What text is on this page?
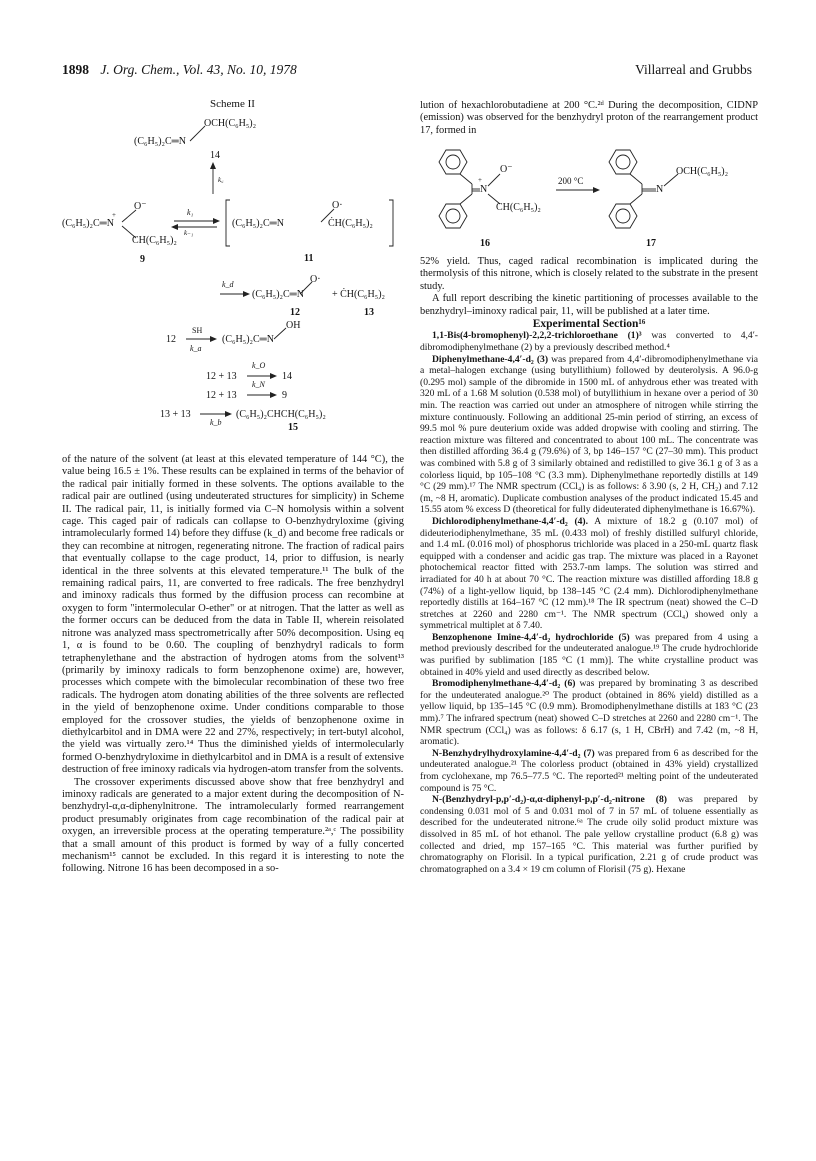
1898 J. Org. Chem., Vol. 43, No. 10, 1978	Villarreal and Grubbs
Scheme II
OCH(C₆H₅)₂
(C₆H₅)₂C═N
14
k꜀
O⁻
+
(C₆H₅)₂C═N
CH(C₆H₅)₂
9
k₁
k₋₁
(C₆H₅)₂C═N
O·
ĊH(C₆H₅)₂
11
k_d
(C₆H₅)₂C═N
O·
12
+ ĊH(C₆H₅)₂
13
12
SH
k_a
(C₆H₅)₂C═N
OH
12 + 13
k_O
14
12 + 13
k_N
9
13 + 13
k_b
(C₆H₅)₂CHCH(C₆H₅)₂
15

of the nature of the solvent (at least at this elevated temperature of 144 °C), the value being 16.5 ± 1%. These results can be explained in terms of the behavior of the radical pair initially formed in these solvents. The options available to the radical pair are outlined (using undeuterated structures for simplicity) in Scheme II. The radical pair, 11, is initially formed via C–N homolysis within a solvent cage. This caged pair of radicals can collapse to O-benzhydryloxime (giving intramolecularly formed 14) before they diffuse (k_d) and become free radicals or they can recombine at nitrogen, regenerating nitrone. The fraction of radical pairs that eventually collapse to the cage product, 14, prior to diffusion, is nearly identical in the three solvents at this elevated temperature.¹¹ The bulk of the remaining radical pairs, 11, are converted to free radicals. The free benzhydryl and iminoxy radicals thus formed by the diffusion process can recombine at oxygen to form "intermolecular O-ether" or at nitrogen. That the latter as well as the former occurs can be deduced from the data in Table II, wherein reisolated nitrone was analyzed mass spectrometrically after 50% decomposition. Using eq 1, α is found to be 0.60. The coupling of benzhydryl radicals to form tetraphenylethane and the abstraction of hydrogen atoms from the solvent¹³ (primarily by iminoxy radicals to form benzophenone oxime) are, however, processes which compete with the bimolecular recombination of these two free radicals. The hydrogen atom donating abilities of the three solvents are reflected in the yield of benzophenone oxime. Under conditions comparable to those employed for the crossover studies, the yields of benzophenone oxime in diethylcarbitol and in DMA were 22 and 27%, respectively; in tert-butyl alcohol, the yield was virtually zero.¹⁴ Thus the diminished yields of intermolecularly formed O-benzhydryloxime in diethylcarbitol and in DMA is a result of extensive destruction of free iminoxy radicals via hydrogen-atom transfer from the solvents.

The crossover experiments discussed above show that free benzhydryl and iminoxy radicals are generated to a major extent during the decomposition of N-benzhydryl-α,α-diphenylnitrone. The intramolecularly formed rearrangement product presumably originates from cage recombination of the radical pair at oxygen, an irreversible process at the operating temperature.²ᵃ,ᶜ The possibility that a small amount of this product is formed by way of a fully concerted mechanism¹⁵ cannot be excluded. In this regard it is interesting to note the following. Nitrone 16 has been decomposed in a so-

lution of hexachlorobutadiene at 200 °C.²ᵈ During the decomposition, CIDNP (emission) was observed for the benzhydryl proton of the rearrangement product 17, formed in

O⁻
+
N
CH(C₆H₅)₂
200 °C
N
OCH(C₆H₅)₂
16	17

52% yield. Thus, caged radical recombination is implicated during the thermolysis of this nitrone, which is closely related to the substrate in the present study.

A full report describing the kinetic partitioning of processes available to the benzhydryl–iminoxy radical pair, 11, will be published at a later time.

Experimental Section¹⁶

1,1-Bis(4-bromophenyl)-2,2,2-trichloroethane (1)³ was converted to 4,4′-dibromodiphenylmethane (2) by a previously described method.⁴

Diphenylmethane-4,4′-d₂ (3) was prepared from 4,4′-dibromodiphenylmethane via a metal–halogen exchange (using butyllithium) followed by deuterolysis. A 96.0-g (0.295 mol) sample of the dibromide in 1500 mL of anhydrous ether was treated with 320 mL of a 1.68 M solution (0.538 mol) of butyllithium in hexane over a period of 30 min. The reaction was carried out under an atmosphere of nitrogen while stirring the mixture continuously. Following an additional 25-min period of stirring, an excess of 99.5 mol % pure deuterium oxide was added dropwise with cooling and stirring. The reaction mixture was filtered and concentrated to about 100 mL. The concentrate was then distilled affording 36.4 g (79.6%) of 3, bp 146–157 °C (27–30 mm). This product was combined with 5.8 g of 3 similarly obtained and redistilled to give 36.1 g of 3 as a colorless liquid, bp 105–108 °C (3.3 mm). Diphenylmethane reportedly distills at 149 °C (29 mm).¹⁷ The NMR spectrum (CCl₄) is as follows: δ 3.90 (s, 2 H, CH₂) and 7.12 (m, ~8 H, aromatic). Duplicate combustion analyses of the product indicated 15.45 and 15.55 atom % excess D (theoretical for fully dideuterated diphenylmethane is 16.67%).

Dichlorodiphenylmethane-4,4′-d₂ (4). A mixture of 18.2 g (0.107 mol) of dideuteriodiphenylmethane, 35 mL (0.433 mol) of freshly distilled sulfuryl chloride, and 1.4 mL (0.016 mol) of phosphorus trichloride was placed in a 250-mL quartz flask equipped with a condenser and acidic gas trap. The mixture was placed in a Rayonet photochemical reactor fitted with 253.7-nm lamps. The solution was stirred and irradiated for 40 h at about 70 °C. The reaction mixture was distilled affording 18.8 g (74%) of a light-yellow liquid, bp 138–145 °C (2.4 mm). Dichlorodiphenylmethane reportedly distills at 164–167 °C (12 mm).¹⁸ The IR spectrum (neat) showed the C–D stretches at 2260 and 2280 cm⁻¹. The NMR spectrum (CCl₄) showed only a symmetrical multiplet at δ 7.40.

Benzophenone Imine-4,4′-d₂ hydrochloride (5) was prepared from 4 using a method previously described for the undeuterated analogue.¹⁹ The crude hydrochloride was purified by sublimation [185 °C (1 mm)]. The white crystalline product was obtained in 40% yield and used directly as described below.

Bromodiphenylmethane-4,4′-d₂ (6) was prepared by brominating 3 as described for the undeuterated analogue.²⁰ The product (obtained in 86% yield) distilled as a yellow liquid, bp 135–145 °C (0.9 mm). Bromodiphenylmethane distills at 183 °C (23 mm).⁷ The infrared spectrum (neat) showed C–D stretches at 2260 and 2280 cm⁻¹. The NMR spectrum (CCl₄) was as follows: δ 6.17 (s, 1 H, CBrH) and 7.42 (m, ~8 H, aromatic).

N-Benzhydrylhydroxylamine-4,4′-d₂ (7) was prepared from 6 as described for the undeuterated analogue.²¹ The colorless product (obtained in 43% yield) crystallized from cyclohexane, mp 76.5–77.5 °C. The reported²¹ melting point of the undeuterated compound is 75 °C.

N-(Benzhydryl-p,p′-d₂)-α,α-diphenyl-p,p′-d₂-nitrone (8) was prepared by condensing 0.031 mol of 5 and 0.031 mol of 7 in 57 mL of toluene essentially as described for the undeuterated nitrone.⁶ᵃ The crude oily solid product mixture was dissolved in 85 mL of hot ethanol. The pale yellow crystalline product (6.8 g) was collected and dried, mp 157–165 °C. This material was further purified by chromatography on Florisil. In a typical purification, 2.21 g of crude product was chromatographed on a 3.4 × 19 cm column of Florisil (75 g). Hexane
